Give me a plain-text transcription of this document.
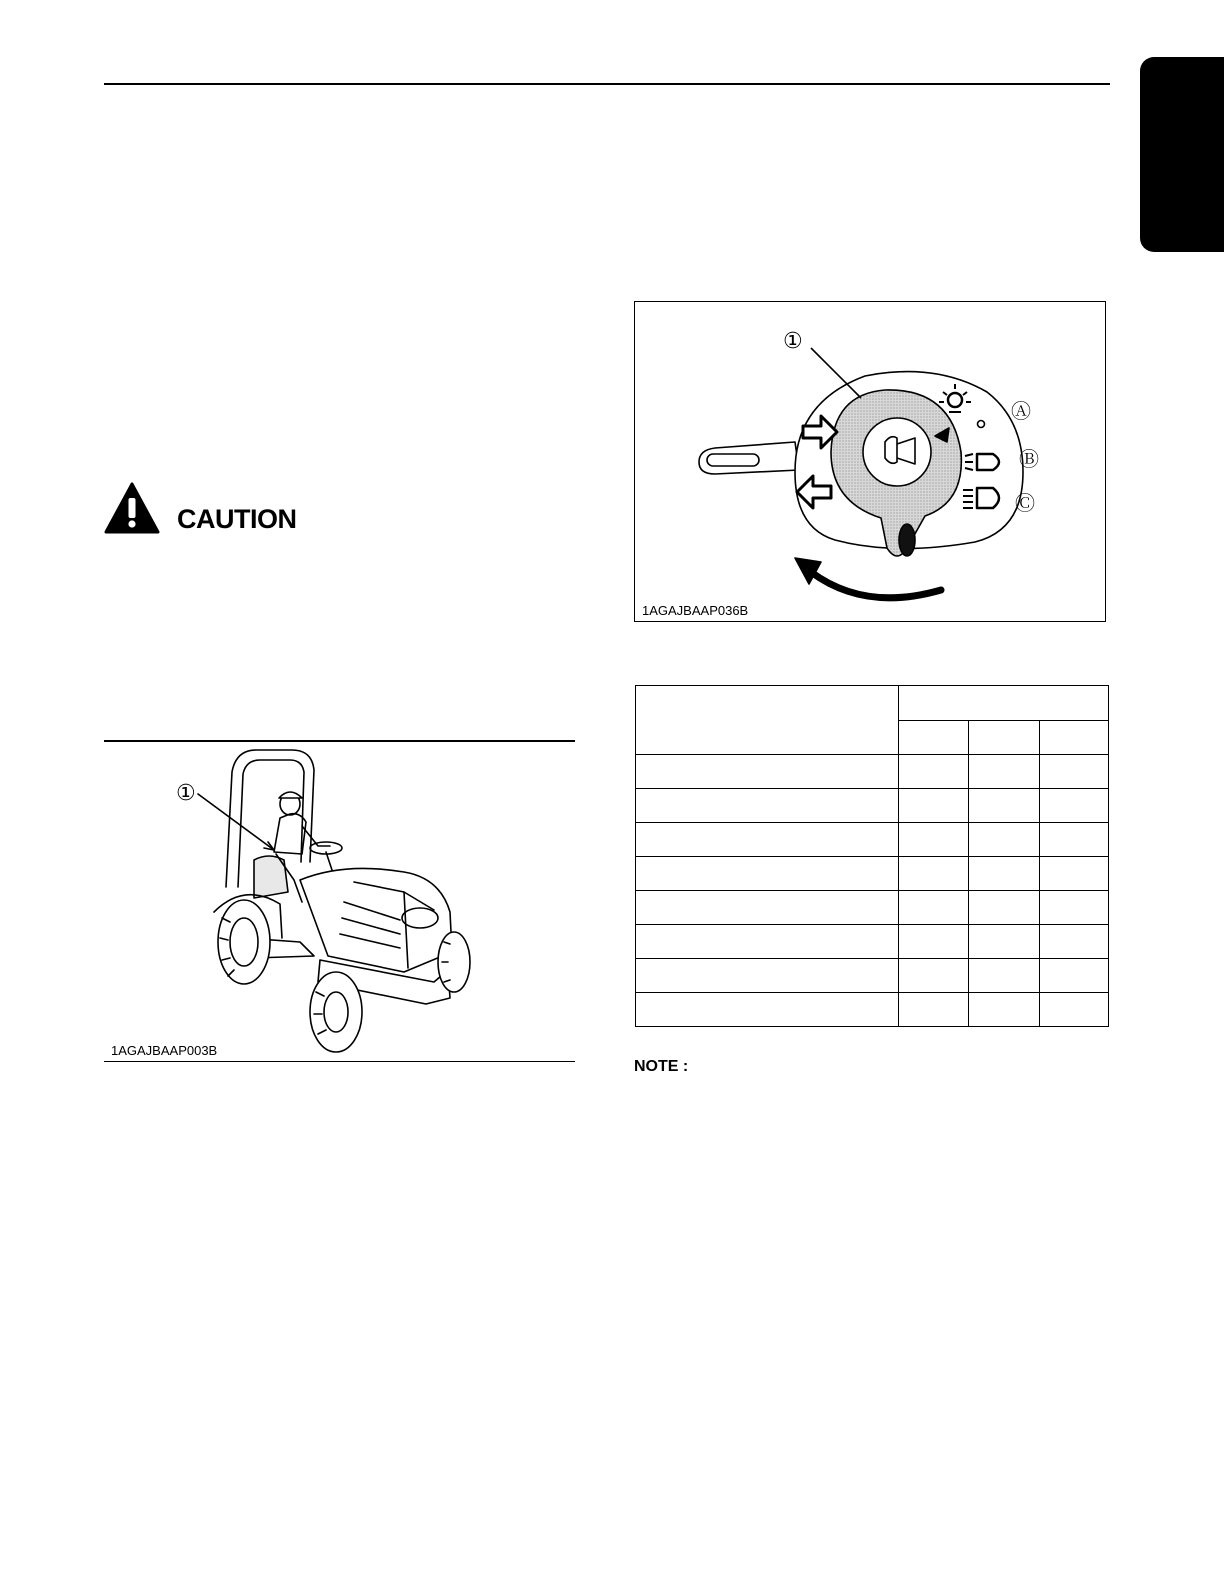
CAUTION
①
1AGAJBAAP003B
①
Ⓐ
Ⓑ
Ⓒ
1AGAJBAAP036B

NOTE :
